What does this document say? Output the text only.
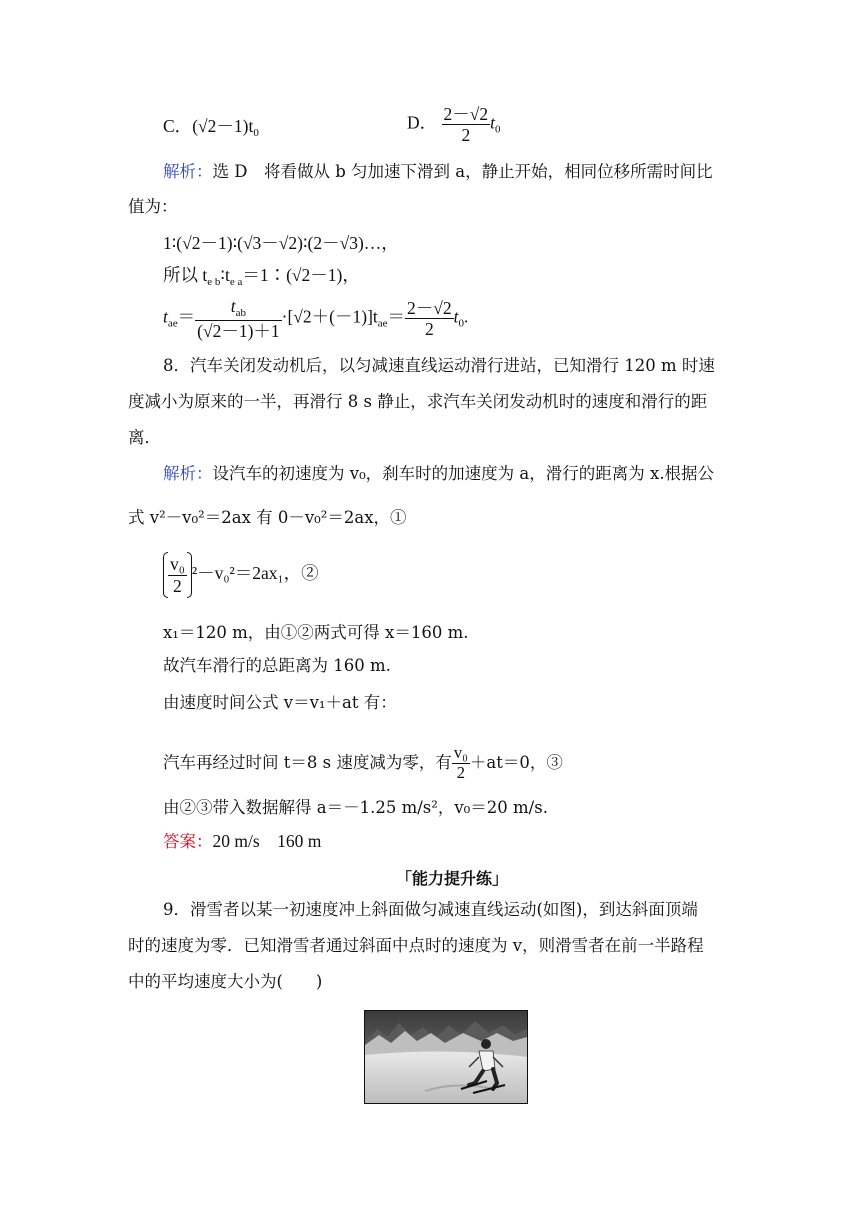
C．$(√2-1)t_0$
D． $\frac{2-√2}{2} t_0$
解析：选 D　将看做从 b 匀加速下滑到 a，静止开始，相同位移所需时间比
值为：
1∶(√2－1)∶(√3－√2)∶(2－√3)…，
所以 $t_{e b}∶t_{e a}=1∶(√2-1)$，
$t_{ae}= \frac{t_{ab}}{(√2-1)+1} \cdot[√2+(-1)]t_{ae}= \frac{2-√2}{2} t_0$.
8．汽车关闭发动机后，以匀减速直线运动滑行进站，已知滑行 120 m 时速
度减小为原来的一半，再滑行 8 s 静止，求汽车关闭发动机时的速度和滑行的距
离．
解析：设汽车的初速度为 v₀，刹车时的加速度为 a，滑行的距离为 x.根据公
式 v²－v₀²＝2ax 有 0－v₀²＝2ax，①
$\frac{\text{v₀}}{2} ^2-v_0^2=2ax_1$，②
x₁＝120 m，由①②两式可得 x＝160 m.
故汽车滑行的总距离为 160 m.
由速度时间公式 v＝v₁＋at 有：
汽车再经过时间 t＝8 s 速度减为零，有 $\frac{\text{v₀}}{2} +at=0$，③
由②③带入数据解得 a＝－1.25 m/s²，v₀＝20 m/s.
答案：20 m/s　160 m
「能力提升练」
9．滑雪者以某一初速度冲上斜面做匀减速直线运动(如图)，到达斜面顶端
时的速度为零．已知滑雪者通过斜面中点时的速度为 v，则滑雪者在前一半路程
中的平均速度大小为(　　)
